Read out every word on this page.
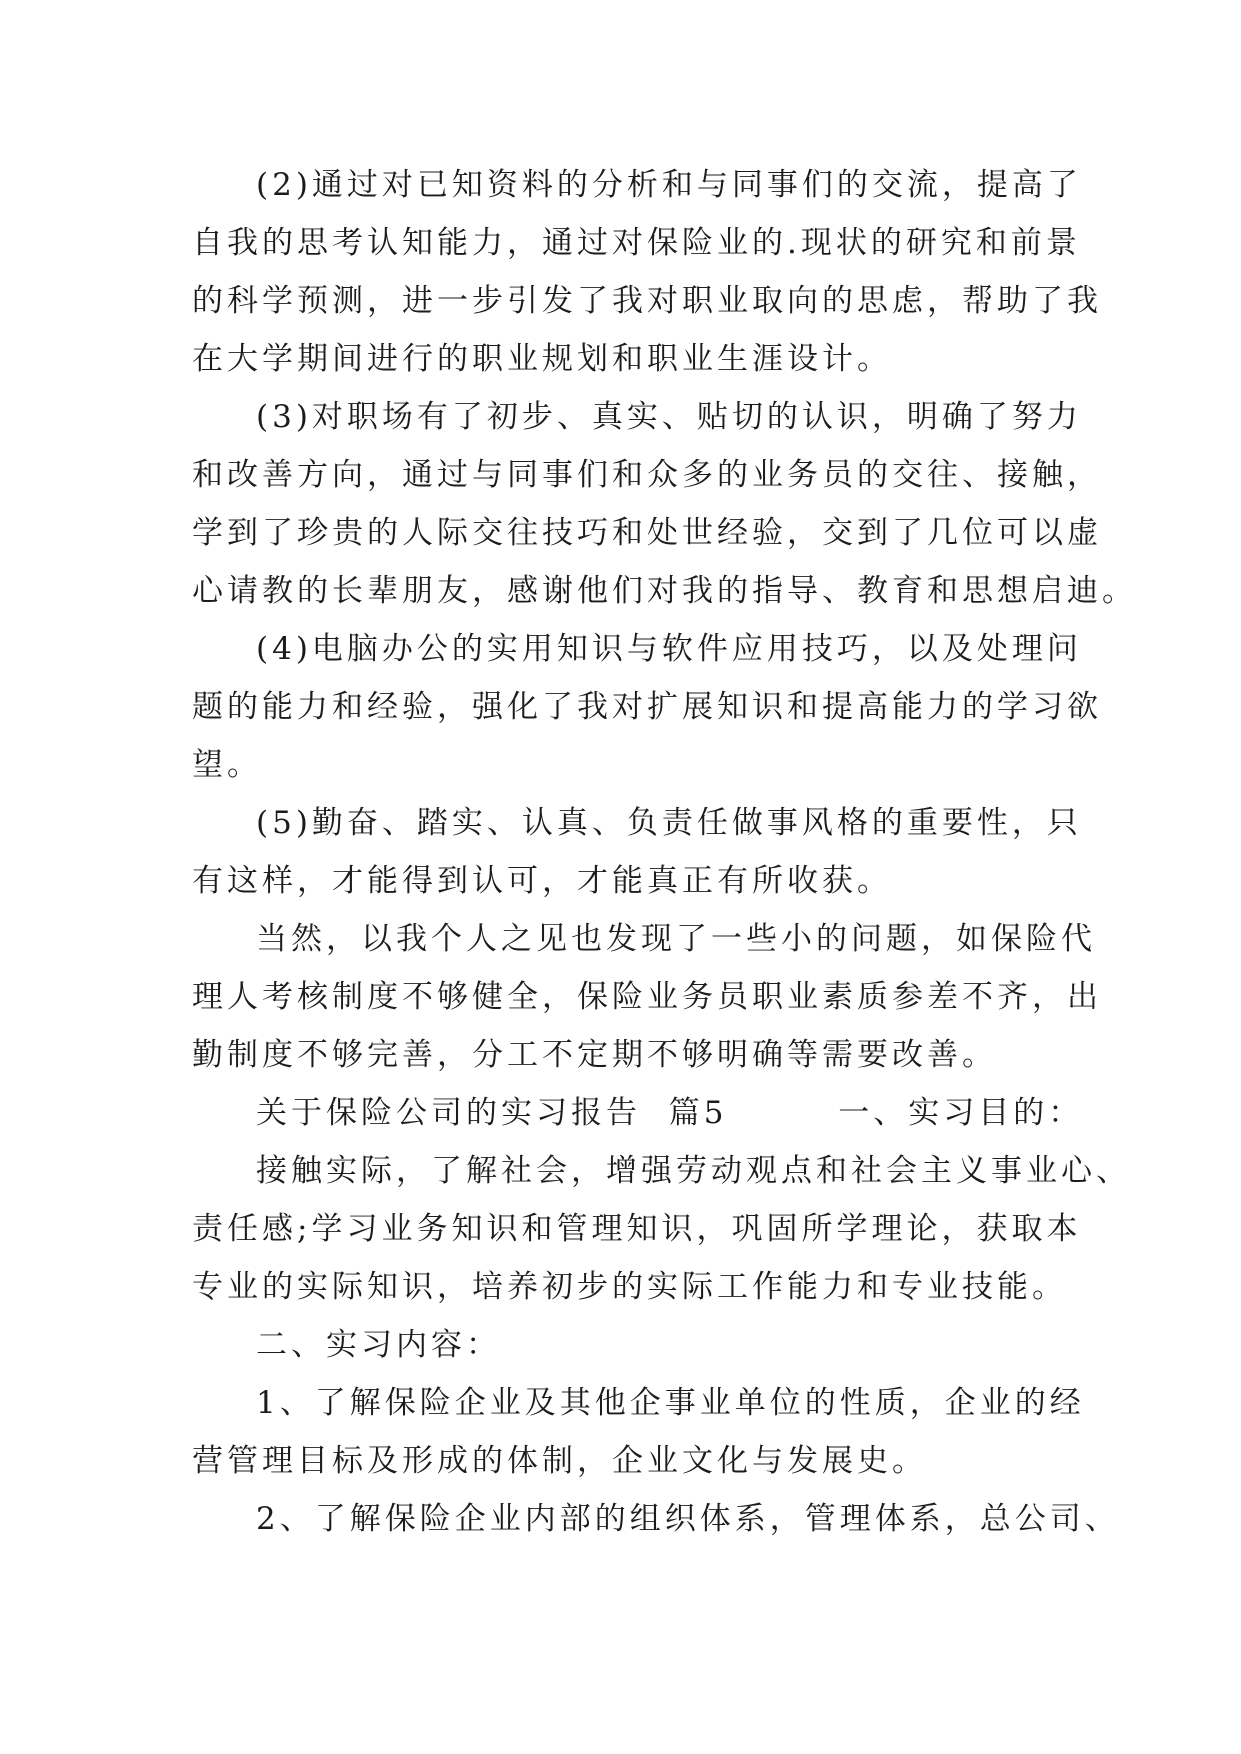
(2)通过对已知资料的分析和与同事们的交流，提高了
自我的思考认知能力，通过对保险业的.现状的研究和前景
的科学预测，进一步引发了我对职业取向的思虑，帮助了我
在大学期间进行的职业规划和职业生涯设计。

(3)对职场有了初步、真实、贴切的认识，明确了努力
和改善方向，通过与同事们和众多的业务员的交往、接触，
学到了珍贵的人际交往技巧和处世经验，交到了几位可以虚
心请教的长辈朋友，感谢他们对我的指导、教育和思想启迪。

(4)电脑办公的实用知识与软件应用技巧，以及处理问
题的能力和经验，强化了我对扩展知识和提高能力的学习欲
望。

(5)勤奋、踏实、认真、负责任做事风格的重要性，只
有这样，才能得到认可，才能真正有所收获。

当然，以我个人之见也发现了一些小的问题，如保险代
理人考核制度不够健全，保险业务员职业素质参差不齐，出
勤制度不够完善，分工不定期不够明确等需要改善。

关于保险公司的实习报告  篇5        一、实习目的：

接触实际，了解社会，增强劳动观点和社会主义事业心、
责任感;学习业务知识和管理知识，巩固所学理论，获取本
专业的实际知识，培养初步的实际工作能力和专业技能。

二、实习内容：

1、了解保险企业及其他企事业单位的性质，企业的经
营管理目标及形成的体制，企业文化与发展史。

2、了解保险企业内部的组织体系，管理体系，总公司、
